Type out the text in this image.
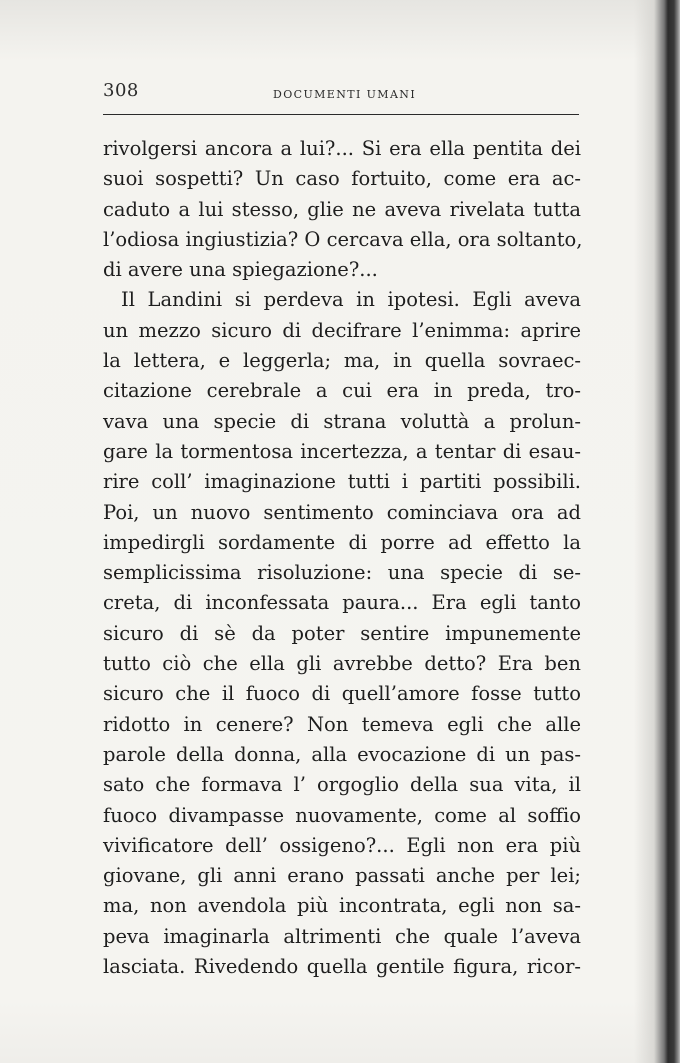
308	DOCUMENTI UMANI
rivolgersi ancora a lui?... Si era ella pentita dei
suoi sospetti? Un caso fortuito, come era ac-
caduto a lui stesso, glie ne aveva rivelata tutta
l’odiosa ingiustizia? O cercava ella, ora soltanto,
di avere una spiegazione?...
Il Landini si perdeva in ipotesi. Egli aveva
un mezzo sicuro di decifrare l’enimma: aprire
la lettera, e leggerla; ma, in quella sovraec-
citazione cerebrale a cui era in preda, tro-
vava una specie di strana voluttà a prolun-
gare la tormentosa incertezza, a tentar di esau-
rire coll’ imaginazione tutti i partiti possibili.
Poi, un nuovo sentimento cominciava ora ad
impedirgli sordamente di porre ad effetto la
semplicissima risoluzione: una specie di se-
creta, di inconfessata paura... Era egli tanto
sicuro di sè da poter sentire impunemente
tutto ciò che ella gli avrebbe detto? Era ben
sicuro che il fuoco di quell’amore fosse tutto
ridotto in cenere? Non temeva egli che alle
parole della donna, alla evocazione di un pas-
sato che formava l’ orgoglio della sua vita, il
fuoco divampasse nuovamente, come al soffio
vivificatore dell’ ossigeno?... Egli non era più
giovane, gli anni erano passati anche per lei;
ma, non avendola più incontrata, egli non sa-
peva imaginarla altrimenti che quale l’aveva
lasciata. Rivedendo quella gentile figura, ricor-
